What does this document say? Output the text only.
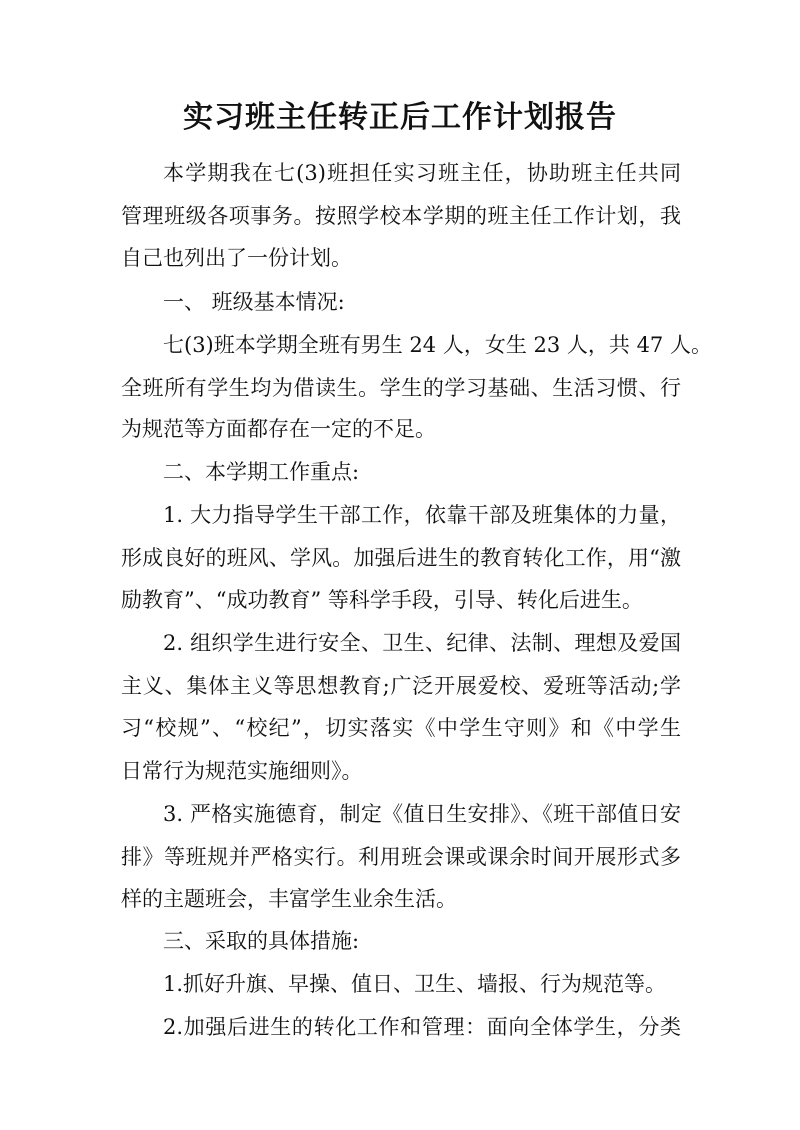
实习班主任转正后工作计划报告
本学期我在七(3)班担任实习班主任，协助班主任共同
管理班级各项事务。按照学校本学期的班主任工作计划，我
自己也列出了一份计划。
一、 班级基本情况:
七(3)班本学期全班有男生 24 人，女生 23 人，共 47 人。
全班所有学生均为借读生。学生的学习基础、生活习惯、行
为规范等方面都存在一定的不足。
二、本学期工作重点:
1. 大力指导学生干部工作，依靠干部及班集体的力量，
形成良好的班风、学风。加强后进生的教育转化工作，用“激
励教育”、“成功教育” 等科学手段，引导、转化后进生。
2. 组织学生进行安全、卫生、纪律、法制、理想及爱国
主义、集体主义等思想教育;广泛开展爱校、爱班等活动;学
习“校规”、“校纪”，切实落实《中学生守则》和《中学生
日常行为规范实施细则》。
3. 严格实施德育，制定《值日生安排》、《班干部值日安
排》等班规并严格实行。利用班会课或课余时间开展形式多
样的主题班会，丰富学生业余生活。
三、采取的具体措施:
1.抓好升旗、早操、值日、卫生、墙报、行为规范等。
2.加强后进生的转化工作和管理：面向全体学生，分类
